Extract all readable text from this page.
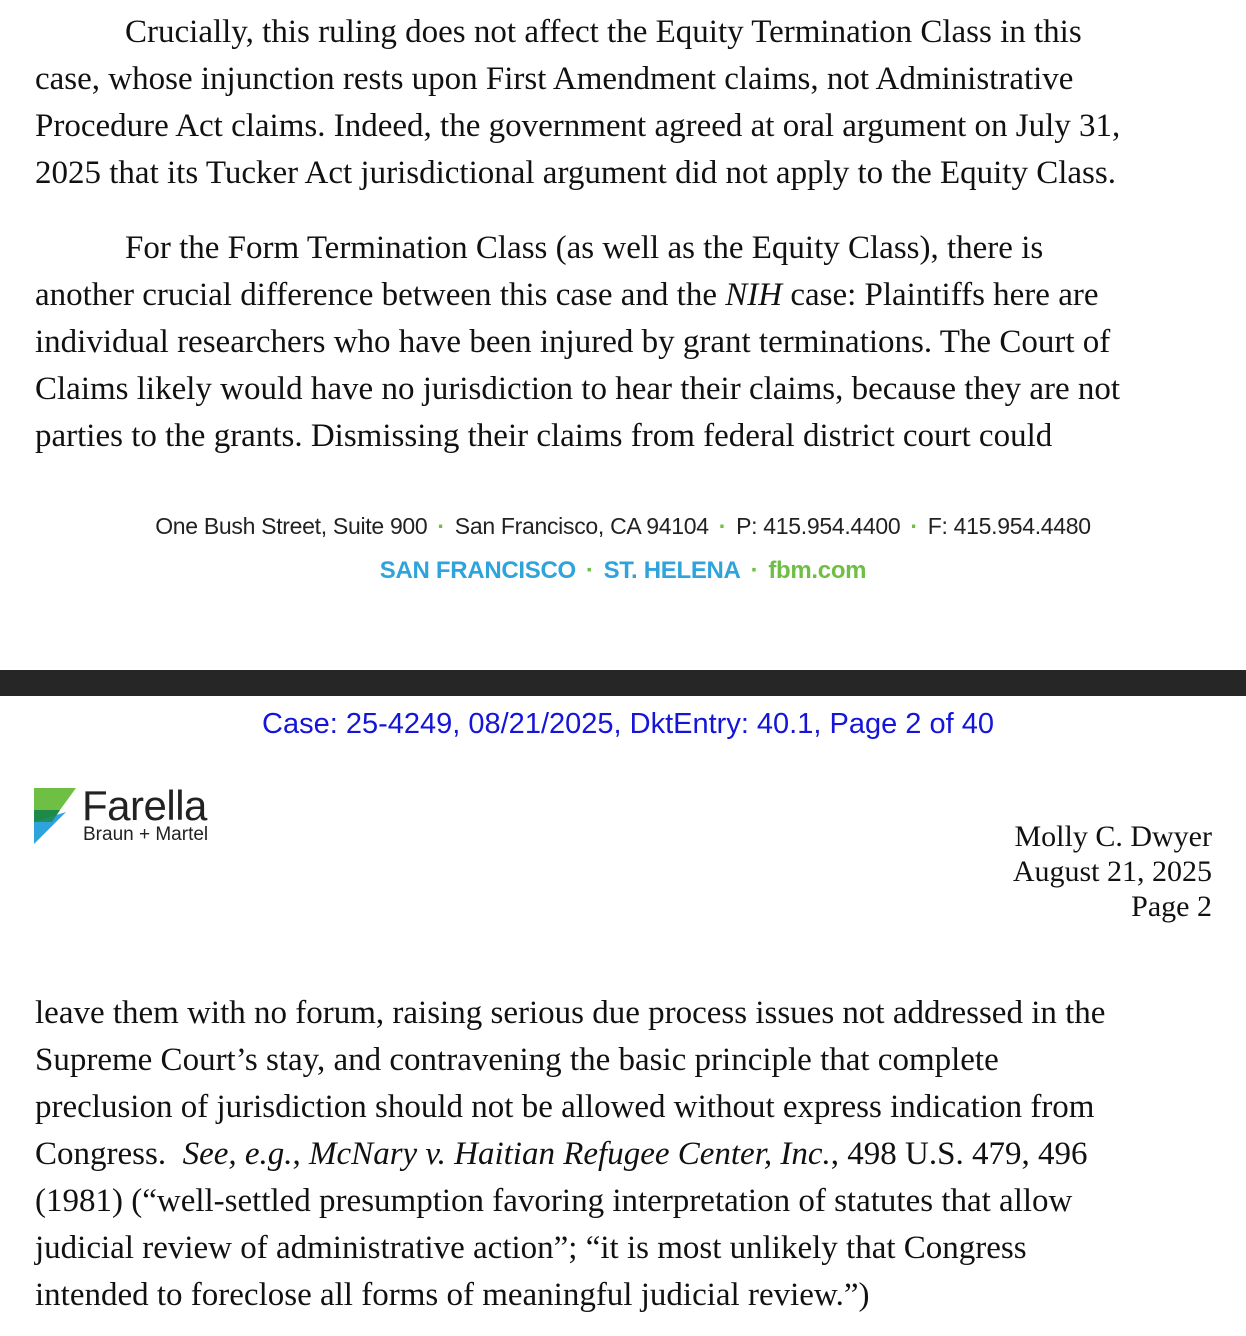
Crucially, this ruling does not affect the Equity Termination Class in this
case, whose injunction rests upon First Amendment claims, not Administrative
Procedure Act claims. Indeed, the government agreed at oral argument on July 31,
2025 that its Tucker Act jurisdictional argument did not apply to the Equity Class.

For the Form Termination Class (as well as the Equity Class), there is
another crucial difference between this case and the NIH case: Plaintiffs here are
individual researchers who have been injured by grant terminations. The Court of
Claims likely would have no jurisdiction to hear their claims, because they are not
parties to the grants. Dismissing their claims from federal district court could

One Bush Street, Suite 900 · San Francisco, CA 94104 · P: 415.954.4400 · F: 415.954.4480
SAN FRANCISCO · ST. HELENA · fbm.com
Case: 25-4249, 08/21/2025, DktEntry: 40.1, Page 2 of 40
Farella
Braun + Martel	Molly C. Dwyer
August 21, 2025
Page 2

leave them with no forum, raising serious due process issues not addressed in the
Supreme Court’s stay, and contravening the basic principle that complete
preclusion of jurisdiction should not be allowed without express indication from
Congress.  See, e.g., McNary v. Haitian Refugee Center, Inc., 498 U.S. 479, 496
(1981) (“well-settled presumption favoring interpretation of statutes that allow
judicial review of administrative action”; “it is most unlikely that Congress
intended to foreclose all forms of meaningful judicial review.”)
